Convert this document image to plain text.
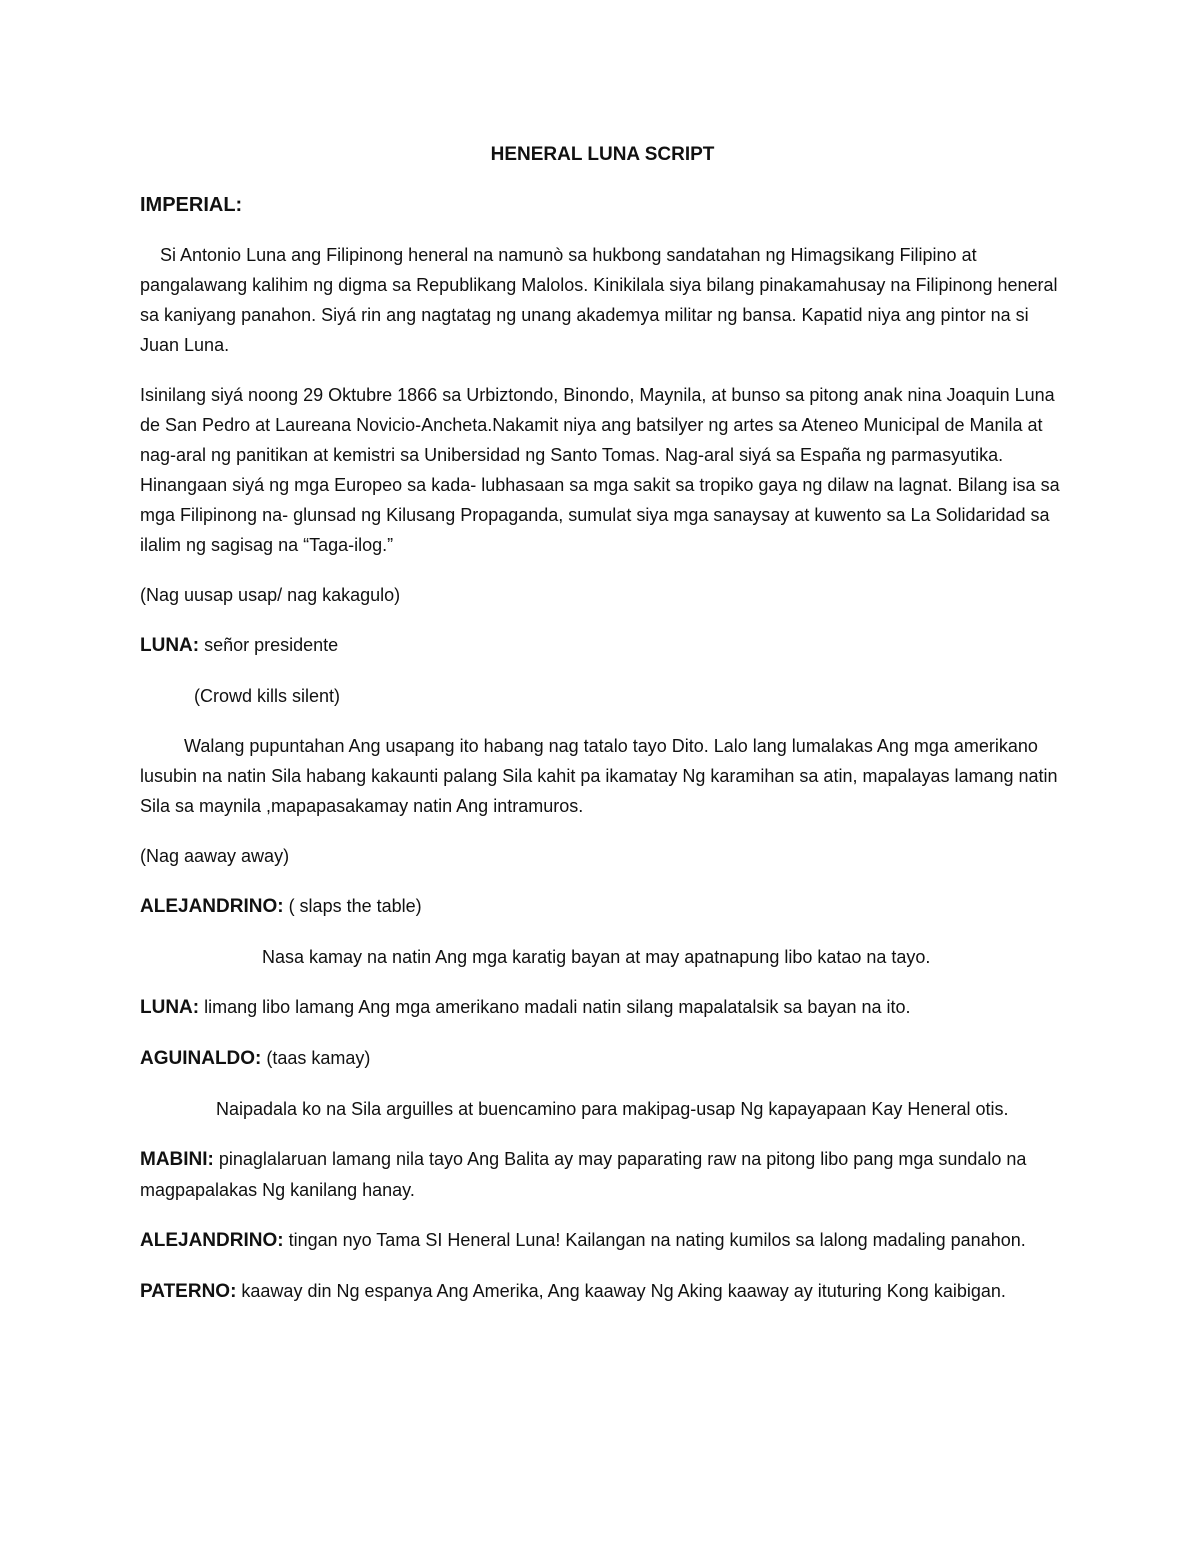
HENERAL LUNA SCRIPT
IMPERIAL:

Si Antonio Luna ang Filipinong heneral na namunò sa hukbong sandatahan ng Himagsikang Filipino at pangalawang kalihim ng digma sa Republikang Malolos. Kinikilala siya bilang pinakamahusay na Filipinong heneral sa kaniyang panahon. Siyá rin ang nagtatag ng unang akademya militar ng bansa. Kapatid niya ang pintor na si Juan Luna.

Isinilang siyá noong 29 Oktubre 1866 sa Urbiztondo, Binondo, Maynila, at bunso sa pitong anak nina Joaquin Luna de San Pedro at Laureana Novicio-Ancheta.Nakamit niya ang batsilyer ng artes sa Ateneo Municipal de Manila at nag-aral ng panitikan at kemistri sa Unibersidad ng Santo Tomas. Nag-aral siyá sa España ng parmasyutika. Hinangaan siyá ng mga Europeo sa kada- lubhasaan sa mga sakit sa tropiko gaya ng dilaw na lagnat. Bilang isa sa mga Filipinong na- glunsad ng Kilusang Propaganda, sumulat siya mga sanaysay at kuwento sa La Solidaridad sa ilalim ng sagisag na “Taga-ilog.”

(Nag uusap usap/ nag kakagulo)

LUNA: señor presidente

(Crowd kills silent)

Walang pupuntahan Ang usapang ito habang nag tatalo tayo Dito. Lalo lang lumalakas Ang mga amerikano lusubin na natin Sila habang kakaunti palang Sila kahit pa ikamatay Ng karamihan sa atin, mapalayas lamang natin Sila sa maynila ,mapapasakamay natin Ang intramuros.

(Nag aaway away)

ALEJANDRINO: ( slaps the table)

Nasa kamay na natin Ang mga karatig bayan at may apatnapung libo katao na tayo.

LUNA: limang libo lamang Ang mga amerikano madali natin silang mapalatalsik sa bayan na ito.

AGUINALDO: (taas kamay)

Naipadala ko na Sila arguilles at buencamino para makipag-usap Ng kapayapaan Kay Heneral otis.

MABINI: pinaglalaruan lamang nila tayo Ang Balita ay may paparating raw na pitong libo pang mga sundalo na magpapalakas Ng kanilang hanay.

ALEJANDRINO: tingan nyo Tama SI Heneral Luna! Kailangan na nating kumilos sa lalong madaling panahon.

PATERNO: kaaway din Ng espanya Ang Amerika, Ang kaaway Ng Aking kaaway ay ituturing Kong kaibigan.
